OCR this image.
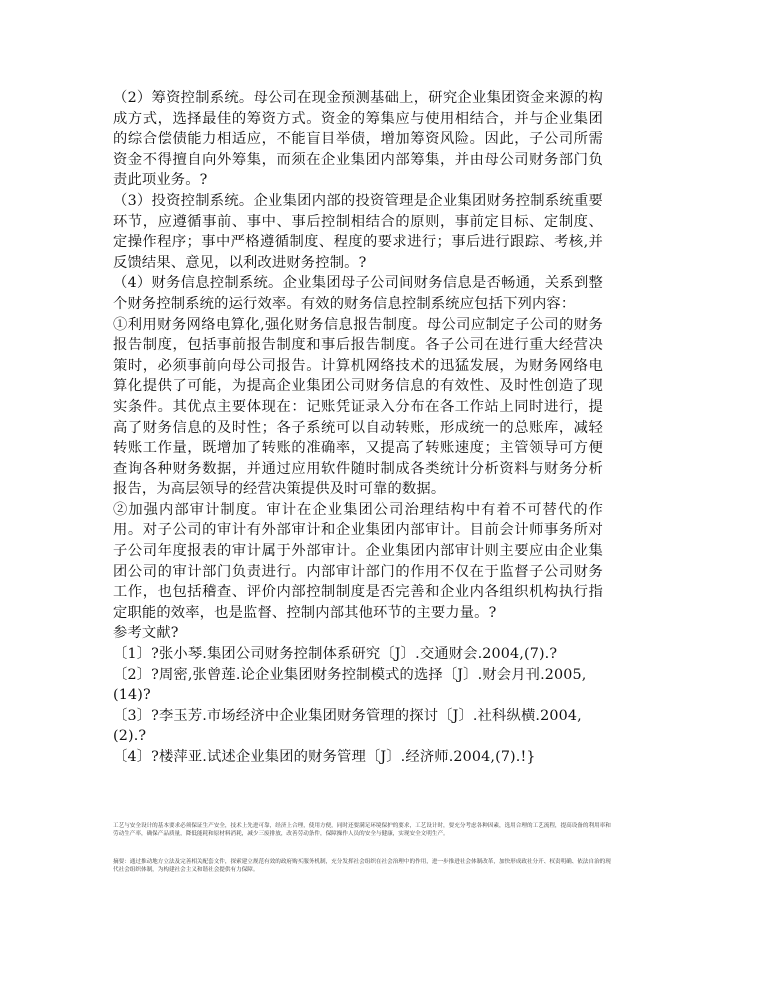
（2）筹资控制系统。母公司在现金预测基础上，研究企业集团资金来源的构成方式，选择最佳的筹资方式。资金的筹集应与使用相结合，并与企业集团的综合偿债能力相适应，不能盲目举债，增加筹资风险。因此，子公司所需资金不得擅自向外筹集，而须在企业集团内部筹集，并由母公司财务部门负责此项业务。?

（3）投资控制系统。企业集团内部的投资管理是企业集团财务控制系统重要环节，应遵循事前、事中、事后控制相结合的原则，事前定目标、定制度、定操作程序；事中严格遵循制度、程度的要求进行；事后进行跟踪、考核,并反馈结果、意见，以利改进财务控制。?

（4）财务信息控制系统。企业集团母子公司间财务信息是否畅通，关系到整个财务控制系统的运行效率。有效的财务信息控制系统应包括下列内容：

①利用财务网络电算化,强化财务信息报告制度。母公司应制定子公司的财务报告制度，包括事前报告制度和事后报告制度。各子公司在进行重大经营决策时，必须事前向母公司报告。计算机网络技术的迅猛发展，为财务网络电算化提供了可能，为提高企业集团公司财务信息的有效性、及时性创造了现实条件。其优点主要体现在：记账凭证录入分布在各工作站上同时进行，提高了财务信息的及时性；各子系统可以自动转账，形成统一的总账库，减轻转账工作量，既增加了转账的准确率，又提高了转账速度；主管领导可方便查询各种财务数据，并通过应用软件随时制成各类统计分析资料与财务分析报告，为高层领导的经营决策提供及时可靠的数据。

②加强内部审计制度。审计在企业集团公司治理结构中有着不可替代的作用。对子公司的审计有外部审计和企业集团内部审计。目前会计师事务所对子公司年度报表的审计属于外部审计。企业集团内部审计则主要应由企业集团公司的审计部门负责进行。内部审计部门的作用不仅在于监督子公司财务工作，也包括稽查、评价内部控制制度是否完善和企业内各组织机构执行指定职能的效率，也是监督、控制内部其他环节的主要力量。?

参考文献?

〔1〕?张小琴.集团公司财务控制体系研究〔J〕.交通财会.2004,(7).?

〔2〕?周密,张曾莲.论企业集团财务控制模式的选择〔J〕.财会月刊.2005,(14)?

〔3〕?李玉芳.市场经济中企业集团财务管理的探讨〔J〕.社科纵横.2004,(2).?

〔4〕?楼萍亚.试述企业集团的财务管理〔J〕.经济师.2004,(7).!}

工艺与安全设计的基本要求必须保证生产安全，技术上先进可靠，经济上合理，使用方便，同时还要满足环境保护的要求，工艺设计时，要充分考虑各种因素，选用合理的工艺流程，提高设备的利用率和劳动生产率，确保产品质量，降低能耗和原材料消耗，减少三废排放，改善劳动条件，保障操作人员的安全与健康，实现安全文明生产。

摘要：通过推动地方立法及完善相关配套文件，探索建立规范有效的政府购买服务机制，充分发挥社会组织在社会治理中的作用，进一步推进社会体制改革，加快形成政社分开、权责明确、依法自治的现代社会组织体制，为构建社会主义和谐社会提供有力保障。
